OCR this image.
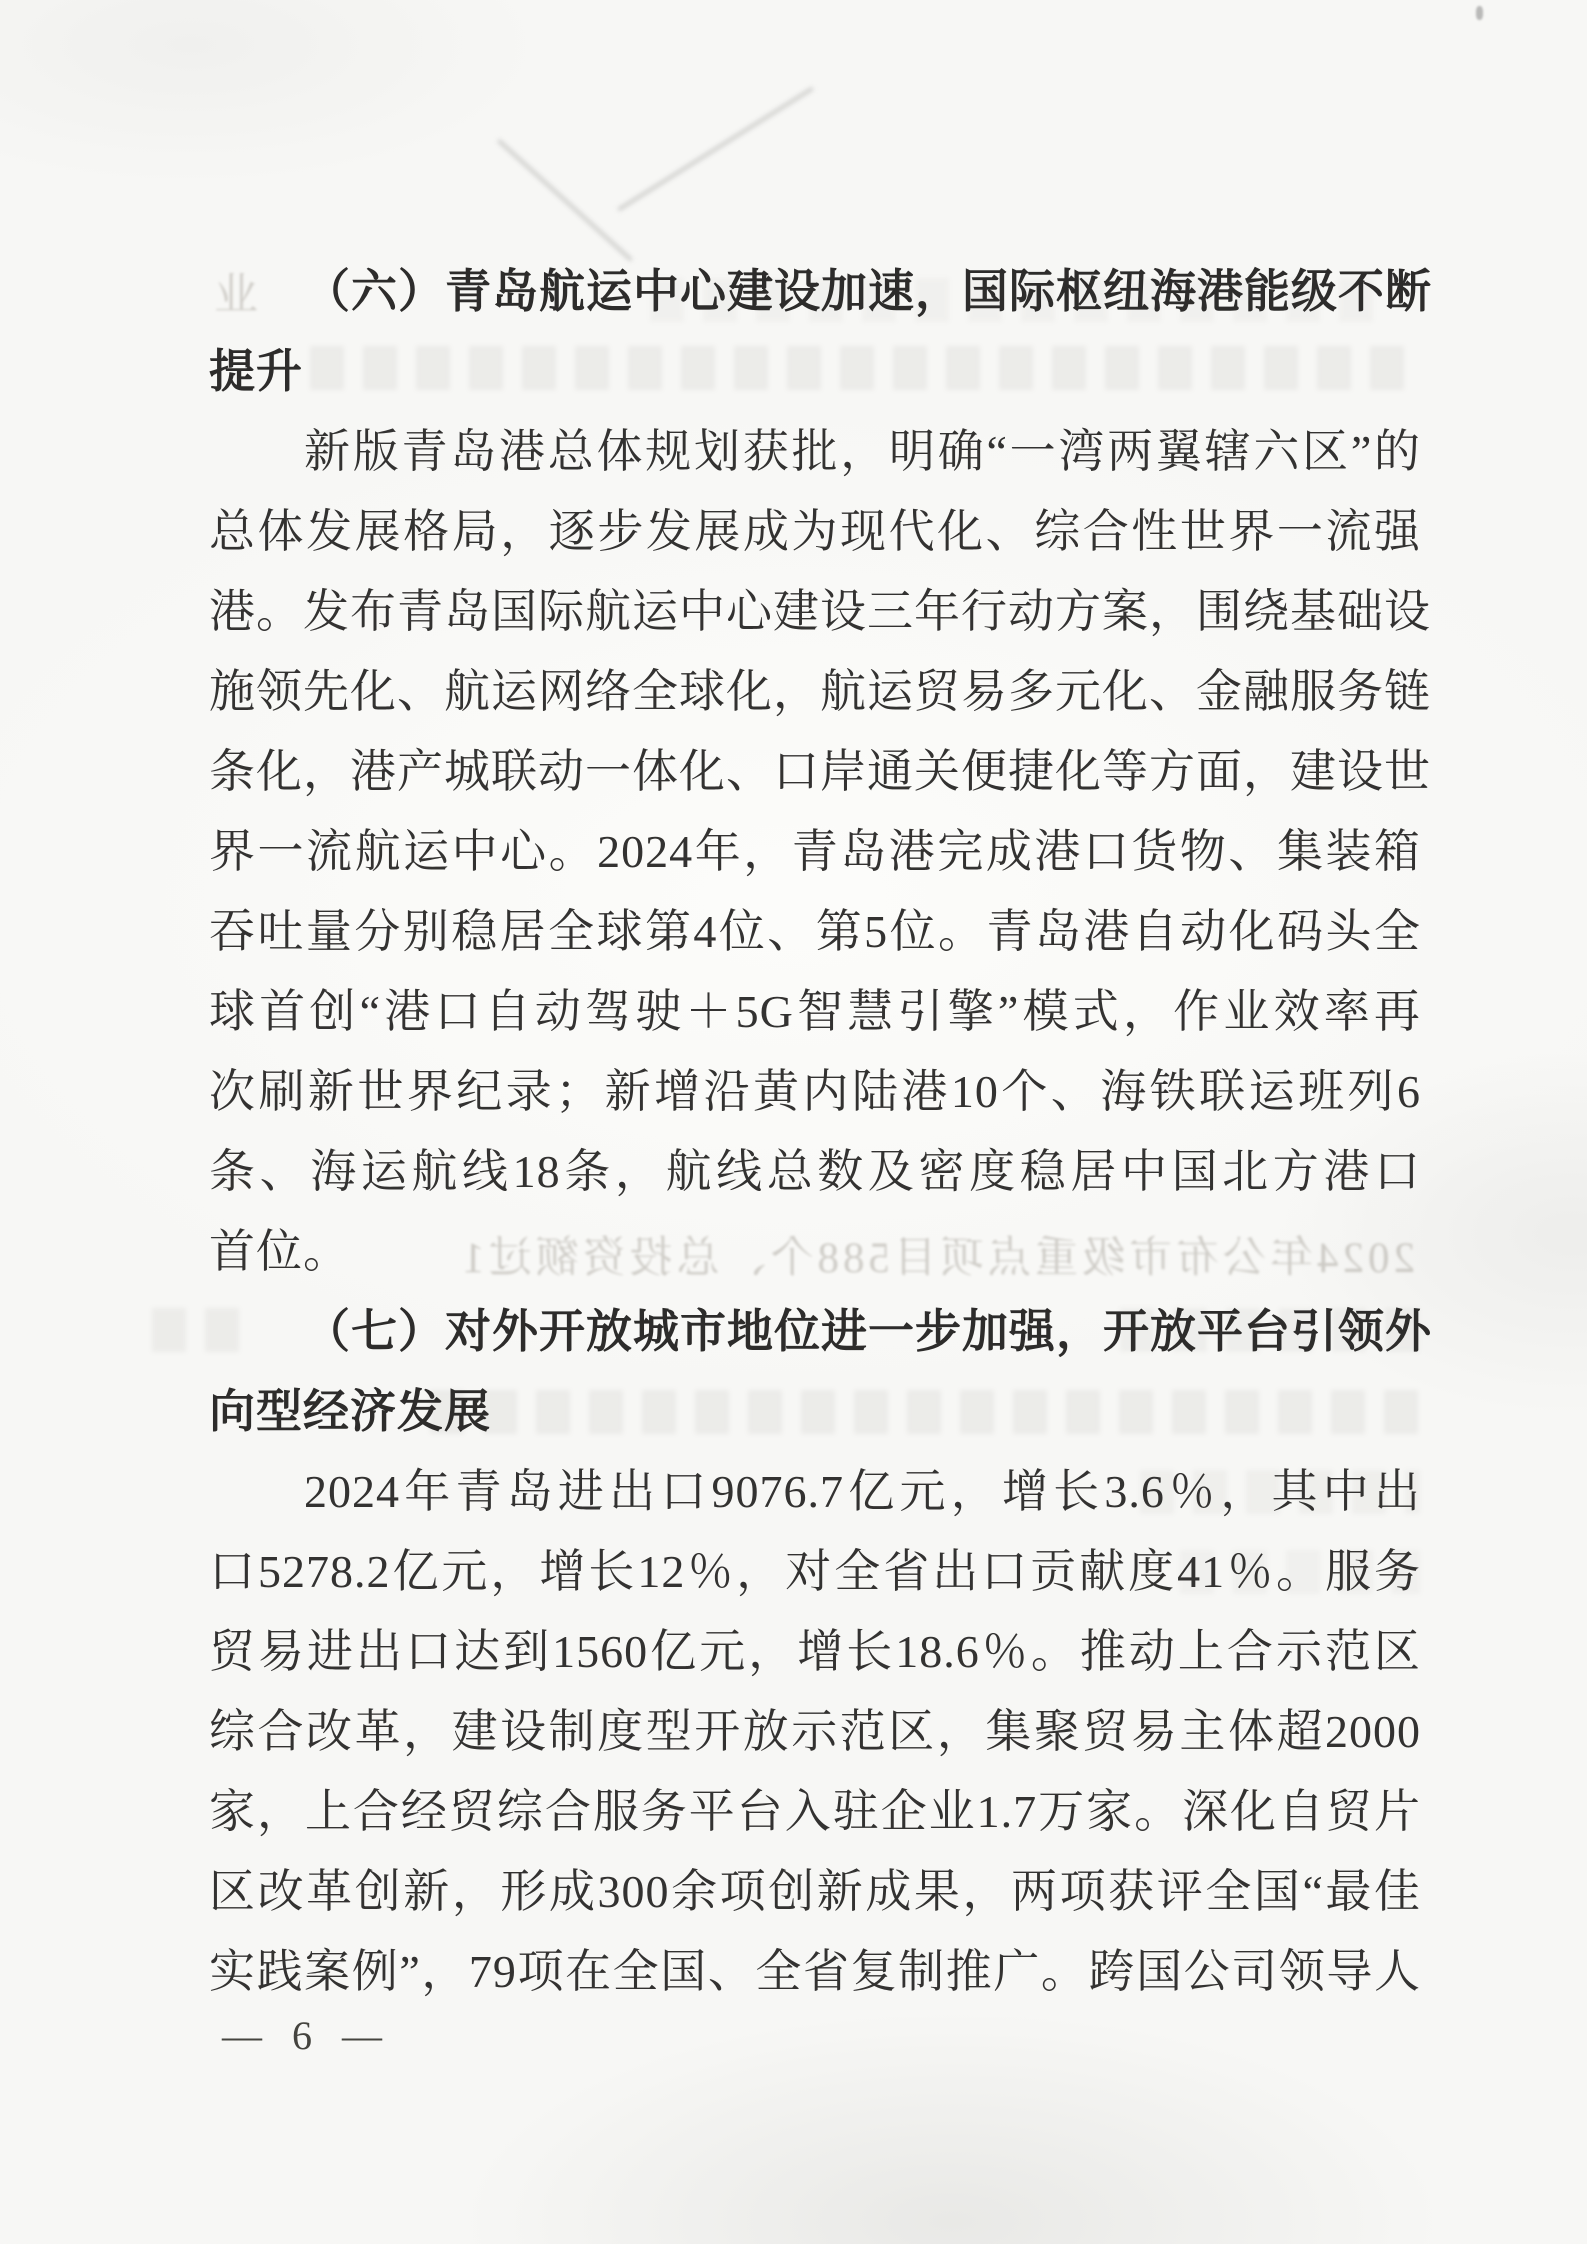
业
2024年公布市级重点项目588个、总投资额过1
（六）青岛航运中心建设加速，国际枢纽海港能级不断
提升
新版青岛港总体规划获批，明确“一湾两翼辖六区”的
总体发展格局，逐步发展成为现代化、综合性世界一流强
港。发布青岛国际航运中心建设三年行动方案，围绕基础设
施领先化、航运网络全球化，航运贸易多元化、金融服务链
条化，港产城联动一体化、口岸通关便捷化等方面，建设世
界一流航运中心。2024年，青岛港完成港口货物、集装箱
吞吐量分别稳居全球第4位、第5位。青岛港自动化码头全
球首创“港口自动驾驶＋5G智慧引擎”模式，作业效率再
次刷新世界纪录；新增沿黄内陆港10个、海铁联运班列6
条、海运航线18条，航线总数及密度稳居中国北方港口
首位。
（七）对外开放城市地位进一步加强，开放平台引领外
向型经济发展
2024年青岛进出口9076.7亿元，增长3.6％，其中出
口5278.2亿元，增长12％，对全省出口贡献度41％。服务
贸易进出口达到1560亿元，增长18.6％。推动上合示范区
综合改革，建设制度型开放示范区，集聚贸易主体超2000
家，上合经贸综合服务平台入驻企业1.7万家。深化自贸片
区改革创新，形成300余项创新成果，两项获评全国“最佳
实践案例”，79项在全国、全省复制推广。跨国公司领导人
— 6 —
